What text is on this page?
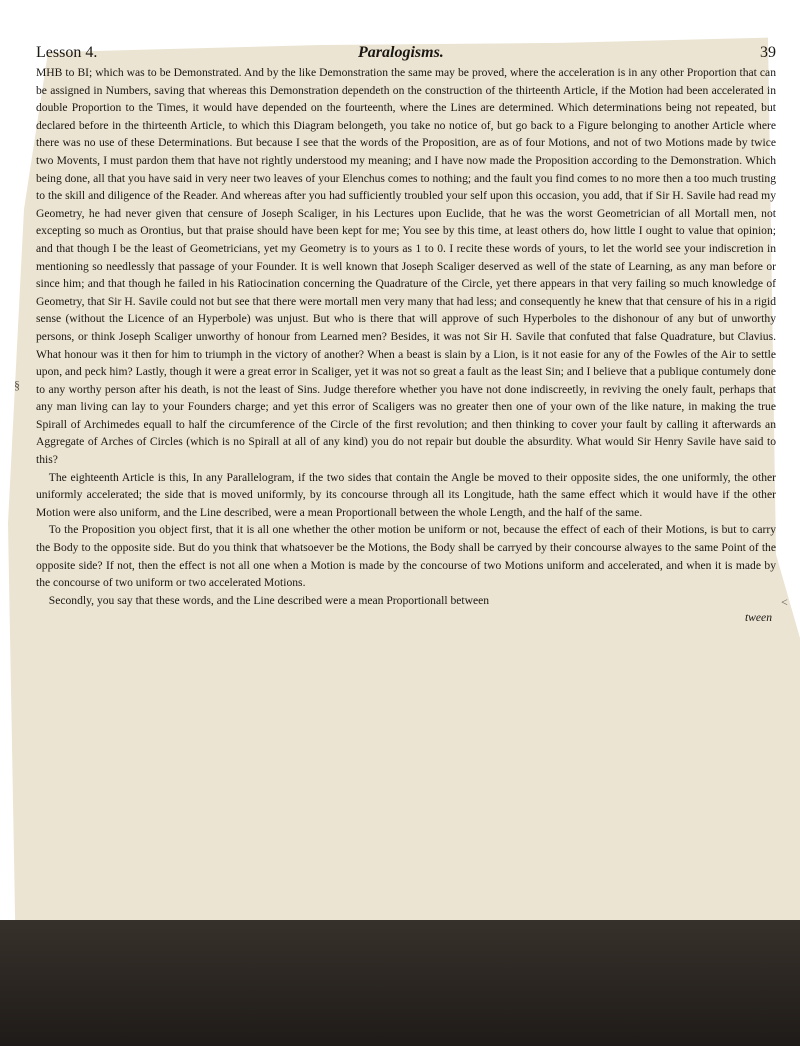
Lesson 4.	Paralogisms.	39

MHB to BI; which was to be Demonstrated. And by the like Demonstration the same may be proved, where the acceleration is in any other Proportion that can be assigned in Numbers, saving that whereas this Demonstration dependeth on the construction of the thirteenth Article, if the Motion had been accelerated in double Proportion to the Times, it would have depended on the fourteenth, where the Lines are determined. Which determinations being not repeated, but declared before in the thirteenth Article, to which this Diagram belongeth, you take no notice of, but go back to a Figure belonging to another Article where there was no use of these Determinations. But because I see that the words of the Proposition, are as of four Motions, and not of two Motions made by twice two Movents, I must pardon them that have not rightly understood my meaning; and I have now made the Proposition according to the Demonstration. Which being done, all that you have said in very neer two leaves of your Elenchus comes to nothing; and the fault you find comes to no more then a too much trusting to the skill and diligence of the Reader. And whereas after you had sufficiently troubled your self upon this occasion, you add, that if Sir H. Savile had read my Geometry, he had never given that censure of Joseph Scaliger, in his Lectures upon Euclide, that he was the worst Geometrician of all Mortall men, not excepting so much as Orontius, but that praise should have been kept for me; You see by this time, at least others do, how little I ought to value that opinion; and that though I be the least of Geometricians, yet my Geometry is to yours as 1 to 0. I recite these words of yours, to let the world see your indiscretion in mentioning so needlessly that passage of your Founder. It is well known that Joseph Scaliger deserved as well of the state of Learning, as any man before or since him; and that though he failed in his Ratiocination concerning the Quadrature of the Circle, yet there appears in that very failing so much knowledge of Geometry, that Sir H. Savile could not but see that there were mortall men very many that had less; and consequently he knew that that censure of his in a rigid sense (without the Licence of an Hyperbole) was unjust. But who is there that will approve of such Hyperboles to the dishonour of any but of unworthy persons, or think Joseph Scaliger unworthy of honour from Learned men? Besides, it was not Sir H. Savile that confuted that false Quadrature, but Clavius. What honour was it then for him to triumph in the victory of another? When a beast is slain by a Lion, is it not easie for any of the Fowles of the Air to settle upon, and peck him? Lastly, though it were a great error in Scaliger, yet it was not so great a fault as the least Sin; and I believe that a publique contumely done to any worthy person after his death, is not the least of Sins. Judge therefore whether you have not done indiscreetly, in reviving the onely fault, perhaps that any man living can lay to your Founders charge; and yet this error of Scaligers was no greater then one of your own of the like nature, in making the true Spirall of Archimedes equall to half the circumference of the Circle of the first revolution; and then thinking to cover your fault by calling it afterwards an Aggregate of Arches of Circles (which is no Spirall at all of any kind) you do not repair but double the absurdity. What would Sir Henry Savile have said to this?

The eighteenth Article is this, In any Parallelogram, if the two sides that contain the Angle be moved to their opposite sides, the one uniformly, the other uniformly accelerated; the side that is moved uniformly, by its concourse through all its Longitude, hath the same effect which it would have if the other Motion were also uniform, and the Line described, were a mean Proportionall between the whole Length, and the half of the same.

To the Proposition you object first, that it is all one whether the other motion be uniform or not, because the effect of each of their Motions, is but to carry the Body to the opposite side. But do you think that whatsoever be the Motions, the Body shall be carryed by their concourse alwayes to the same Point of the opposite side? If not, then the effect is not all one when a Motion is made by the concourse of two Motions uniform and accelerated, and when it is made by the concourse of two uniform or two accelerated Motions.

Secondly, you say that these words, and the Line described were a mean Proportionall between

tween
§
<
